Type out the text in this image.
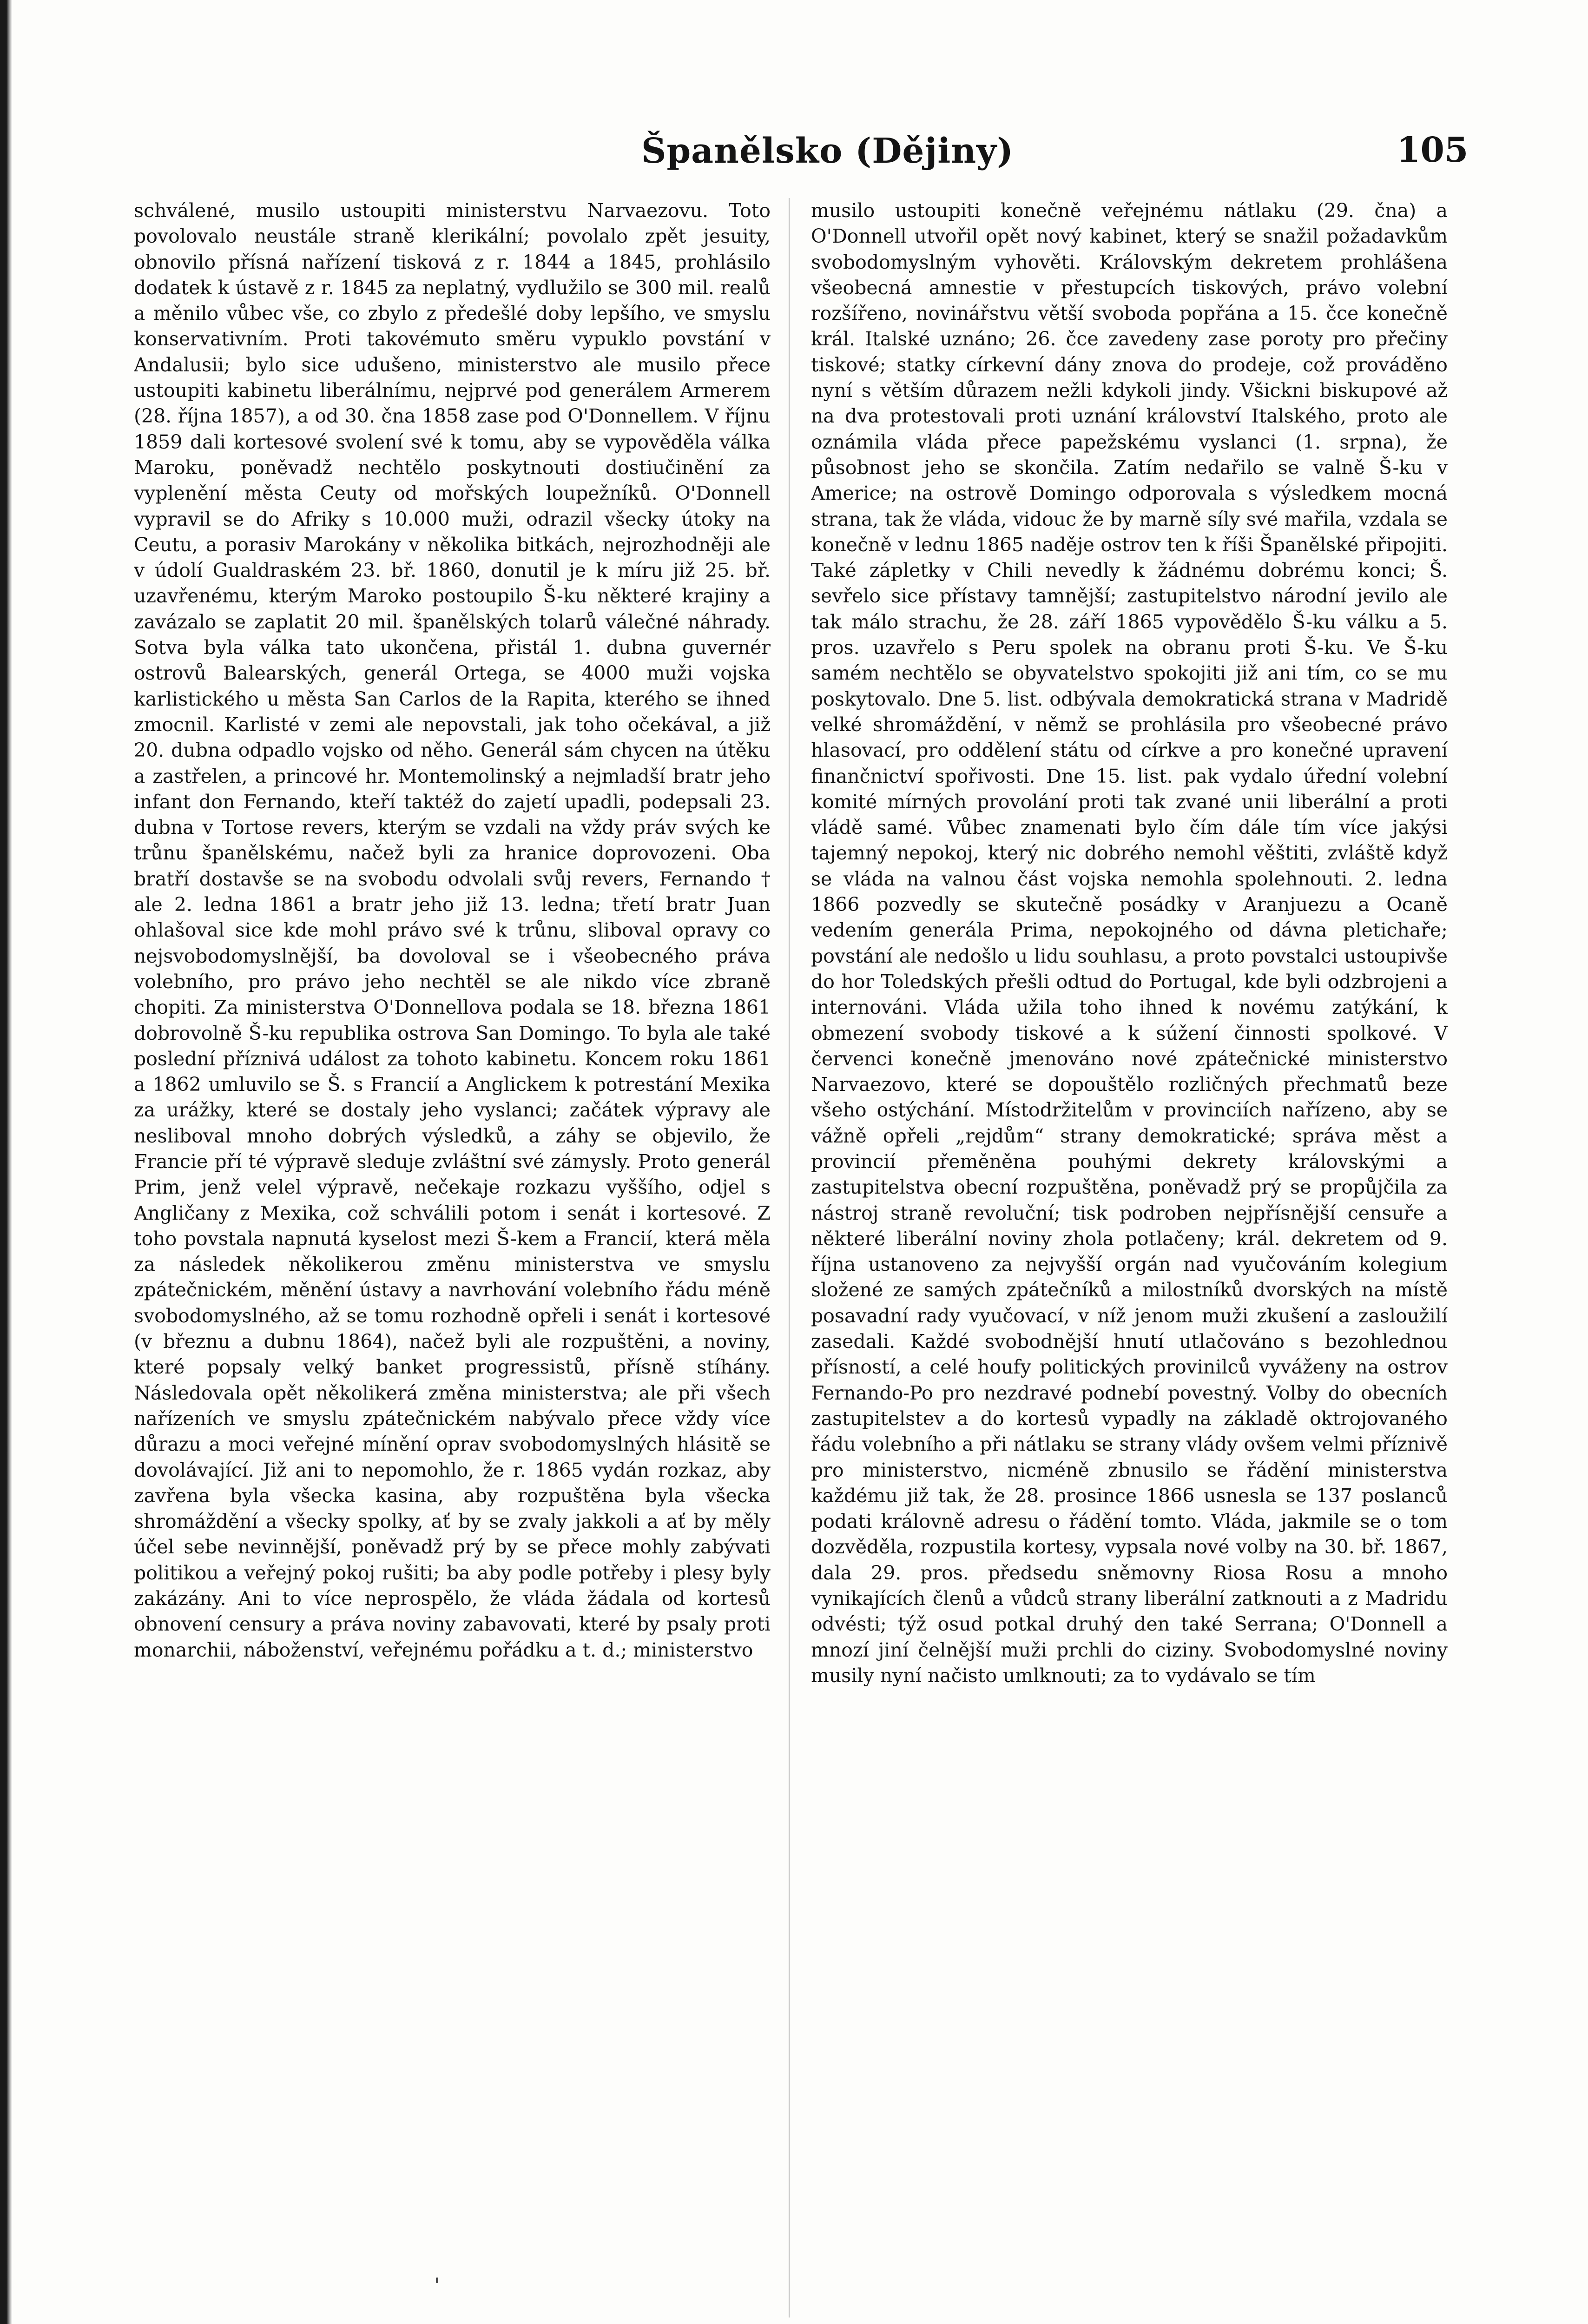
Španělsko (Dějiny)	105

schválené, musilo ustoupiti ministerstvu Narvaezovu. Toto povolovalo neustále straně klerikální; povolalo zpět jesuity, obnovilo přísná nařízení tisková z r. 1844 a 1845, prohlásilo dodatek k ústavě z r. 1845 za neplatný, vydlužilo se 300 mil. realů a měnilo vůbec vše, co zbylo z předešlé doby lepšího, ve smyslu konservativním. Proti takovémuto směru vypuklo povstání v Andalusii; bylo sice udušeno, ministerstvo ale musilo přece ustoupiti kabinetu liberálnímu, nejprvé pod generálem Armerem (28. října 1857), a od 30. čna 1858 zase pod O'Donnellem. V říjnu 1859 dali kortesové svolení své k tomu, aby se vypověděla válka Maroku, poněvadž nechtělo poskytnouti dostiučinění za vyplenění města Ceuty od mořských loupežníků. O'Donnell vypravil se do Afriky s 10.000 muži, odrazil všecky útoky na Ceutu, a porasiv Marokány v několika bitkách, nejrozhodněji ale v údolí Gualdraském 23. bř. 1860, donutil je k míru již 25. bř. uzavřenému, kterým Maroko postoupilo Š-ku některé krajiny a zavázalo se zaplatit 20 mil. španělských tolarů válečné náhrady. Sotva byla válka tato ukončena, přistál 1. dubna guvernér ostrovů Balearských, generál Ortega, se 4000 muži vojska karlistického u města San Carlos de la Rapita, kterého se ihned zmocnil. Karlisté v zemi ale nepovstali, jak toho očekával, a již 20. dubna odpadlo vojsko od něho. Generál sám chycen na útěku a zastřelen, a princové hr. Montemolinský a nejmladší bratr jeho infant don Fernando, kteří taktéž do zajetí upadli, podepsali 23. dubna v Tortose revers, kterým se vzdali na vždy práv svých ke trůnu španělskému, načež byli za hranice doprovozeni. Oba bratří dostavše se na svobodu odvolali svůj revers, Fernando † ale 2. ledna 1861 a bratr jeho již 13. ledna; třetí bratr Juan ohlašoval sice kde mohl právo své k trůnu, sliboval opravy co nejsvobodomyslnější, ba dovoloval se i všeobecného práva volebního, pro právo jeho nechtěl se ale nikdo více zbraně chopiti. Za ministerstva O'Donnellova podala se 18. března 1861 dobrovolně Š-ku republika ostrova San Domingo. To byla ale také poslední příznivá událost za tohoto kabinetu. Koncem roku 1861 a 1862 umluvilo se Š. s Francií a Anglickem k potrestání Mexika za urážky, které se dostaly jeho vyslanci; začátek výpravy ale nesliboval mnoho dobrých výsledků, a záhy se objevilo, že Francie pří té výpravě sleduje zvláštní své zámysly. Proto generál Prim, jenž velel výpravě, nečekaje rozkazu vyššího, odjel s Angličany z Mexika, což schválili potom i senát i kortesové. Z toho povstala napnutá kyselost mezi Š-kem a Francií, která měla za následek několikerou změnu ministerstva ve smyslu zpátečnickém, měnění ústavy a navrhování volebního řádu méně svobodomyslného, až se tomu rozhodně opřeli i senát i kortesové (v březnu a dubnu 1864), načež byli ale rozpuštěni, a noviny, které popsaly velký banket progressistů, přísně stíhány. Následovala opět několikerá změna ministerstva; ale při všech nařízeních ve smyslu zpátečnickém nabývalo přece vždy více důrazu a moci veřejné mínění oprav svobodomyslných hlásitě se dovolávající. Již ani to nepomohlo, že r. 1865 vydán rozkaz, aby zavřena byla všecka kasina, aby rozpuštěna byla všecka shromáždění a všecky spolky, ať by se zvaly jakkoli a ať by měly účel sebe nevinnější, poněvadž prý by se přece mohly zabývati politikou a veřejný pokoj rušiti; ba aby podle potřeby i plesy byly zakázány. Ani to více neprospělo, že vláda žádala od kortesů obnovení censury a práva noviny zabavovati, které by psaly proti monarchii, náboženství, veřejnému pořádku a t. d.; ministerstvo

musilo ustoupiti konečně veřejnému nátlaku (29. čna) a O'Donnell utvořil opět nový kabinet, který se snažil požadavkům svobodomyslným vyhověti. Královským dekretem prohlášena všeobecná amnestie v přestupcích tiskových, právo volební rozšířeno, novinářstvu větší svoboda popřána a 15. čce konečně král. Italské uznáno; 26. čce zavedeny zase poroty pro přečiny tiskové; statky církevní dány znova do prodeje, což prováděno nyní s větším důrazem nežli kdykoli jindy. Všickni biskupové až na dva protestovali proti uznání království Italského, proto ale oznámila vláda přece papežskému vyslanci (1. srpna), že působnost jeho se skončila. Zatím nedařilo se valně Š-ku v Americe; na ostrově Domingo odporovala s výsledkem mocná strana, tak že vláda, vidouc že by marně síly své mařila, vzdala se konečně v lednu 1865 naděje ostrov ten k říši Španělské připojiti. Také zápletky v Chili nevedly k žádnému dobrému konci; Š. sevřelo sice přístavy tamnější; zastupitelstvo národní jevilo ale tak málo strachu, že 28. září 1865 vypovědělo Š-ku válku a 5. pros. uzavřelo s Peru spolek na obranu proti Š-ku. Ve Š-ku samém nechtělo se obyvatelstvo spokojiti již ani tím, co se mu poskytovalo. Dne 5. list. odbývala demokratická strana v Madridě velké shromáždění, v němž se prohlásila pro všeobecné právo hlasovací, pro oddělení státu od církve a pro konečné upravení finančnictví spořivosti. Dne 15. list. pak vydalo úřední volební komité mírných provolání proti tak zvané unii liberální a proti vládě samé. Vůbec znamenati bylo čím dále tím více jakýsi tajemný nepokoj, který nic dobrého nemohl věštiti, zvláště když se vláda na valnou část vojska nemohla spolehnouti. 2. ledna 1866 pozvedly se skutečně posádky v Aranjuezu a Ocaně vedením generála Prima, nepokojného od dávna pletichaře; povstání ale nedošlo u lidu souhlasu, a proto povstalci ustoupivše do hor Toledských přešli odtud do Portugal, kde byli odzbrojeni a internováni. Vláda užila toho ihned k novému zatýkání, k obmezení svobody tiskové a k súžení činnosti spolkové. V červenci konečně jmenováno nové zpátečnické ministerstvo Narvaezovo, které se dopouštělo rozličných přechmatů beze všeho ostýchání. Místodržitelům v provinciích nařízeno, aby se vážně opřeli „rejdům“ strany demokratické; správa měst a provincií přeměněna pouhými dekrety královskými a zastupitelstva obecní rozpuštěna, poněvadž prý se propůjčila za nástroj straně revoluční; tisk podroben nejpřísnější censuře a některé liberální noviny zhola potlačeny; král. dekretem od 9. října ustanoveno za nejvyšší orgán nad vyučováním kolegium složené ze samých zpátečníků a milostníků dvorských na místě posavadní rady vyučovací, v níž jenom muži zkušení a zasloužilí zasedali. Každé svobodnější hnutí utlačováno s bezohlednou přísností, a celé houfy politických provinilců vyváženy na ostrov Fernando-Po pro nezdravé podnebí povestný. Volby do obecních zastupitelstev a do kortesů vypadly na základě oktrojovaného řádu volebního a při nátlaku se strany vlády ovšem velmi příznivě pro ministerstvo, nicméně zbnusilo se řádění ministerstva každému již tak, že 28. prosince 1866 usnesla se 137 poslanců podati královně adresu o řádění tomto. Vláda, jakmile se o tom dozvěděla, rozpustila kortesy, vypsala nové volby na 30. bř. 1867, dala 29. pros. předsedu sněmovny Riosa Rosu a mnoho vynikajících členů a vůdců strany liberální zatknouti a z Madridu odvésti; týž osud potkal druhý den také Serrana; O'Donnell a mnozí jiní čelnější muži prchli do ciziny. Svobodomyslné noviny musily nyní načisto umlknouti; za to vydávalo se tím
